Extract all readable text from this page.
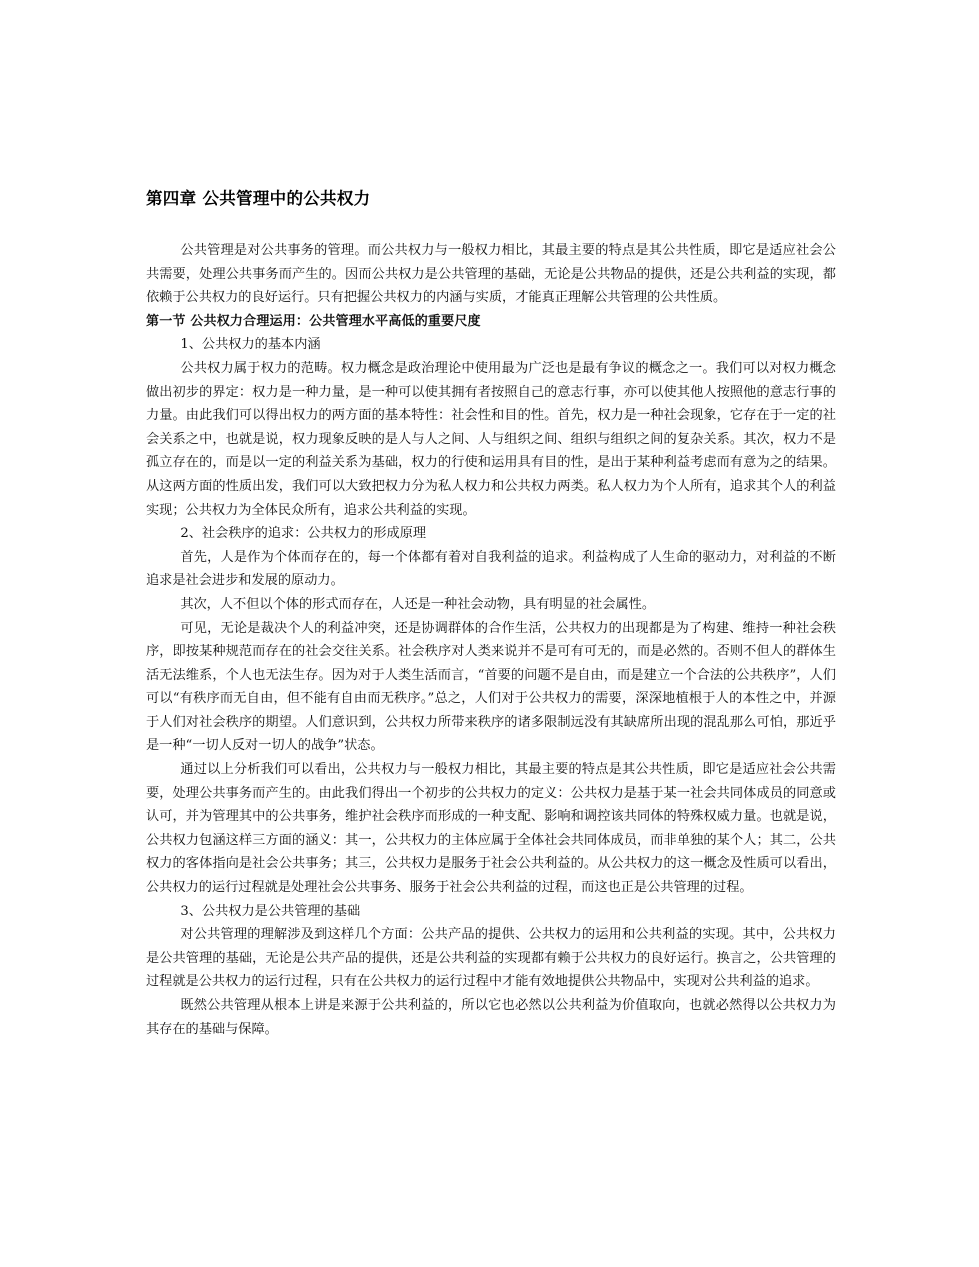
第四章 公共管理中的公共权力

公共管理是对公共事务的管理。而公共权力与一般权力相比，其最主要的特点是其公共性质，即它是适应社会公共需要，处理公共事务而产生的。因而公共权力是公共管理的基础，无论是公共物品的提供，还是公共利益的实现，都依赖于公共权力的良好运行。只有把握公共权力的内涵与实质，才能真正理解公共管理的公共性质。

第一节 公共权力合理运用：公共管理水平高低的重要尺度

1、公共权力的基本内涵

公共权力属于权力的范畴。权力概念是政治理论中使用最为广泛也是最有争议的概念之一。我们可以对权力概念做出初步的界定：权力是一种力量，是一种可以使其拥有者按照自己的意志行事，亦可以使其他人按照他的意志行事的力量。由此我们可以得出权力的两方面的基本特性：社会性和目的性。首先，权力是一种社会现象，它存在于一定的社会关系之中，也就是说，权力现象反映的是人与人之间、人与组织之间、组织与组织之间的复杂关系。其次，权力不是孤立存在的，而是以一定的利益关系为基础，权力的行使和运用具有目的性，是出于某种利益考虑而有意为之的结果。从这两方面的性质出发，我们可以大致把权力分为私人权力和公共权力两类。私人权力为个人所有，追求其个人的利益实现；公共权力为全体民众所有，追求公共利益的实现。

2、社会秩序的追求：公共权力的形成原理

首先，人是作为个体而存在的，每一个体都有着对自我利益的追求。利益构成了人生命的驱动力，对利益的不断追求是社会进步和发展的原动力。

其次，人不但以个体的形式而存在，人还是一种社会动物，具有明显的社会属性。

可见，无论是裁决个人的利益冲突，还是协调群体的合作生活，公共权力的出现都是为了构建、维持一种社会秩序，即按某种规范而存在的社会交往关系。社会秩序对人类来说并不是可有可无的，而是必然的。否则不但人的群体生活无法维系，个人也无法生存。因为对于人类生活而言，“首要的问题不是自由，而是建立一个合法的公共秩序”，人们可以“有秩序而无自由，但不能有自由而无秩序。”总之，人们对于公共权力的需要，深深地植根于人的本性之中，并源于人们对社会秩序的期望。人们意识到，公共权力所带来秩序的诸多限制远没有其缺席所出现的混乱那么可怕，那近乎是一种“一切人反对一切人的战争”状态。

通过以上分析我们可以看出，公共权力与一般权力相比，其最主要的特点是其公共性质，即它是适应社会公共需要，处理公共事务而产生的。由此我们得出一个初步的公共权力的定义：公共权力是基于某一社会共同体成员的同意或认可，并为管理其中的公共事务，维护社会秩序而形成的一种支配、影响和调控该共同体的特殊权威力量。也就是说，公共权力包涵这样三方面的涵义：其一，公共权力的主体应属于全体社会共同体成员，而非单独的某个人；其二，公共权力的客体指向是社会公共事务；其三，公共权力是服务于社会公共利益的。从公共权力的这一概念及性质可以看出，公共权力的运行过程就是处理社会公共事务、服务于社会公共利益的过程，而这也正是公共管理的过程。

3、公共权力是公共管理的基础

对公共管理的理解涉及到这样几个方面：公共产品的提供、公共权力的运用和公共利益的实现。其中，公共权力是公共管理的基础，无论是公共产品的提供，还是公共利益的实现都有赖于公共权力的良好运行。换言之，公共管理的过程就是公共权力的运行过程，只有在公共权力的运行过程中才能有效地提供公共物品中，实现对公共利益的追求。

既然公共管理从根本上讲是来源于公共利益的，所以它也必然以公共利益为价值取向，也就必然得以公共权力为其存在的基础与保障。
